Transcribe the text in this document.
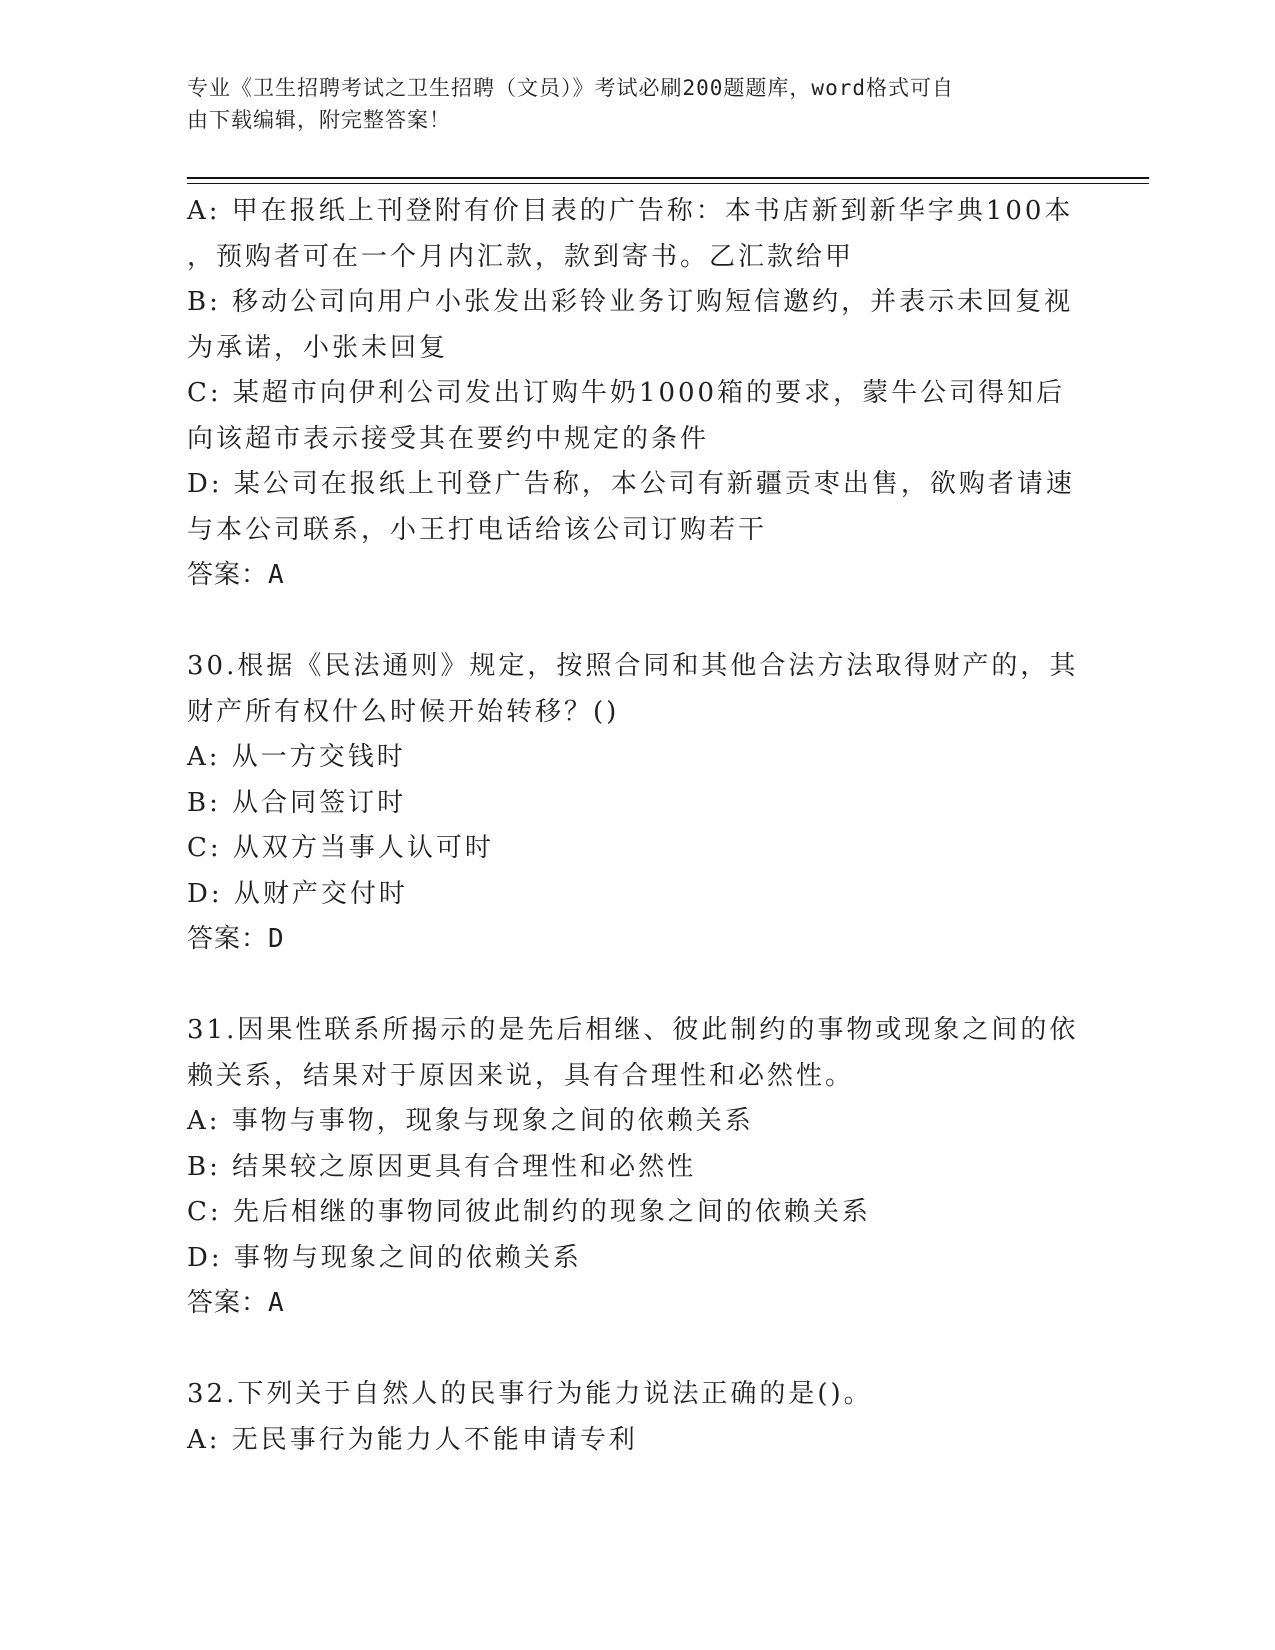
专业《卫生招聘考试之卫生招聘（文员）》考试必刷200题题库，word格式可自
由下载编辑，附完整答案！
A: 甲在报纸上刊登附有价目表的广告称：本书店新到新华字典100本
，预购者可在一个月内汇款，款到寄书。乙汇款给甲
B: 移动公司向用户小张发出彩铃业务订购短信邀约，并表示未回复视
为承诺，小张未回复
C: 某超市向伊利公司发出订购牛奶1000箱的要求，蒙牛公司得知后
向该超市表示接受其在要约中规定的条件
D: 某公司在报纸上刊登广告称，本公司有新疆贡枣出售，欲购者请速
与本公司联系，小王打电话给该公司订购若干
答案：A
30.根据《民法通则》规定，按照合同和其他合法方法取得财产的，其
财产所有权什么时候开始转移？()
A: 从一方交钱时
B: 从合同签订时
C: 从双方当事人认可时
D: 从财产交付时
答案：D
31.因果性联系所揭示的是先后相继、彼此制约的事物或现象之间的依
赖关系，结果对于原因来说，具有合理性和必然性。
A: 事物与事物，现象与现象之间的依赖关系
B: 结果较之原因更具有合理性和必然性
C: 先后相继的事物同彼此制约的现象之间的依赖关系
D: 事物与现象之间的依赖关系
答案：A
32.下列关于自然人的民事行为能力说法正确的是()。
A: 无民事行为能力人不能申请专利
